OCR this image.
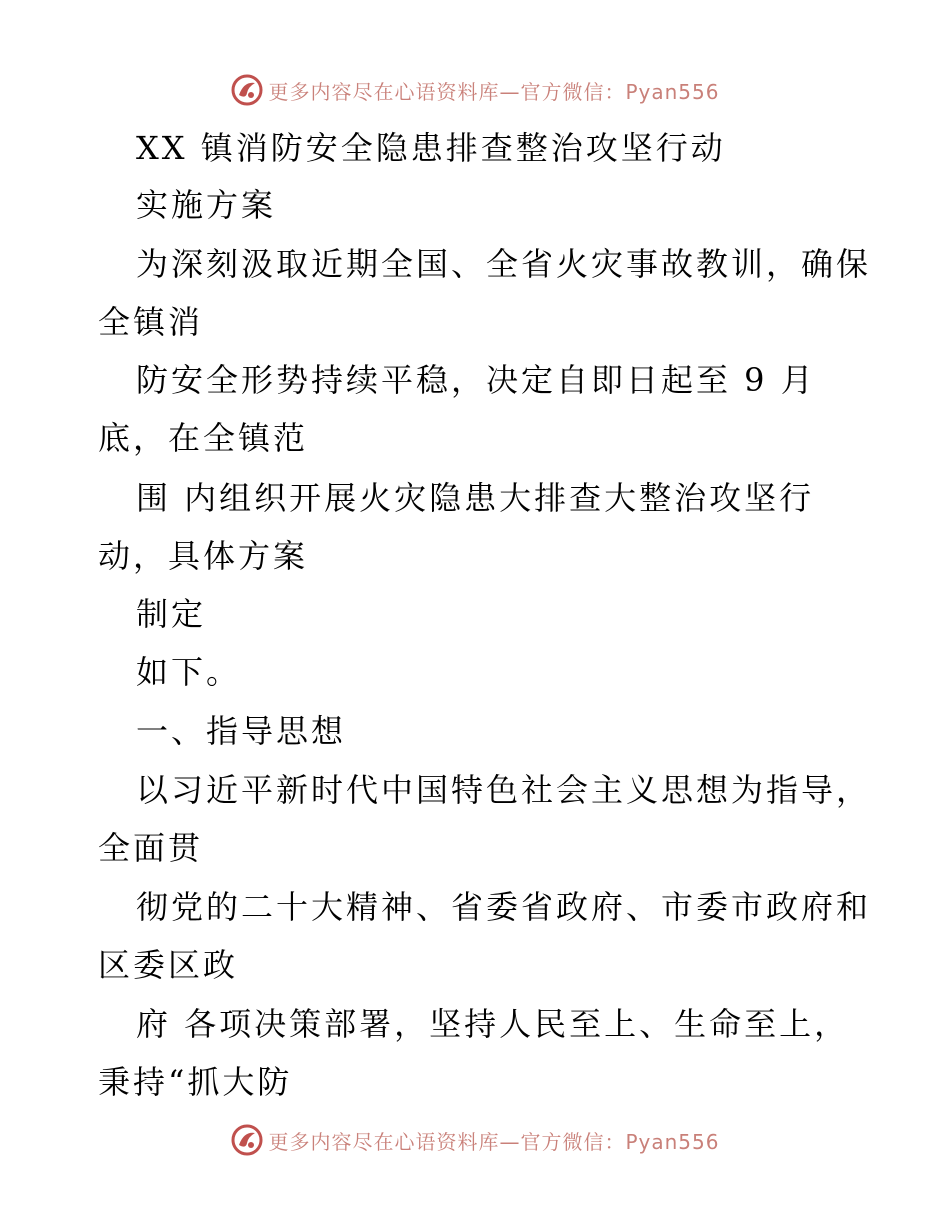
更多内容尽在心语资料库—官方微信：Pyan556
XX 镇消防安全隐患排查整治攻坚行动
实施方案
为深刻汲取近期全国、全省火灾事故教训，确保
全镇消
防安全形势持续平稳，决定自即日起至 9 月
底，在全镇范
围 内组织开展火灾隐患大排查大整治攻坚行
动，具体方案
制定
如下。
一、指导思想
以习近平新时代中国特色社会主义思想为指导，
全面贯
彻党的二十大精神、省委省政府、市委市政府和
区委区政
府 各项决策部署，坚持人民至上、生命至上，
秉持“抓大防
更多内容尽在心语资料库—官方微信：Pyan556
